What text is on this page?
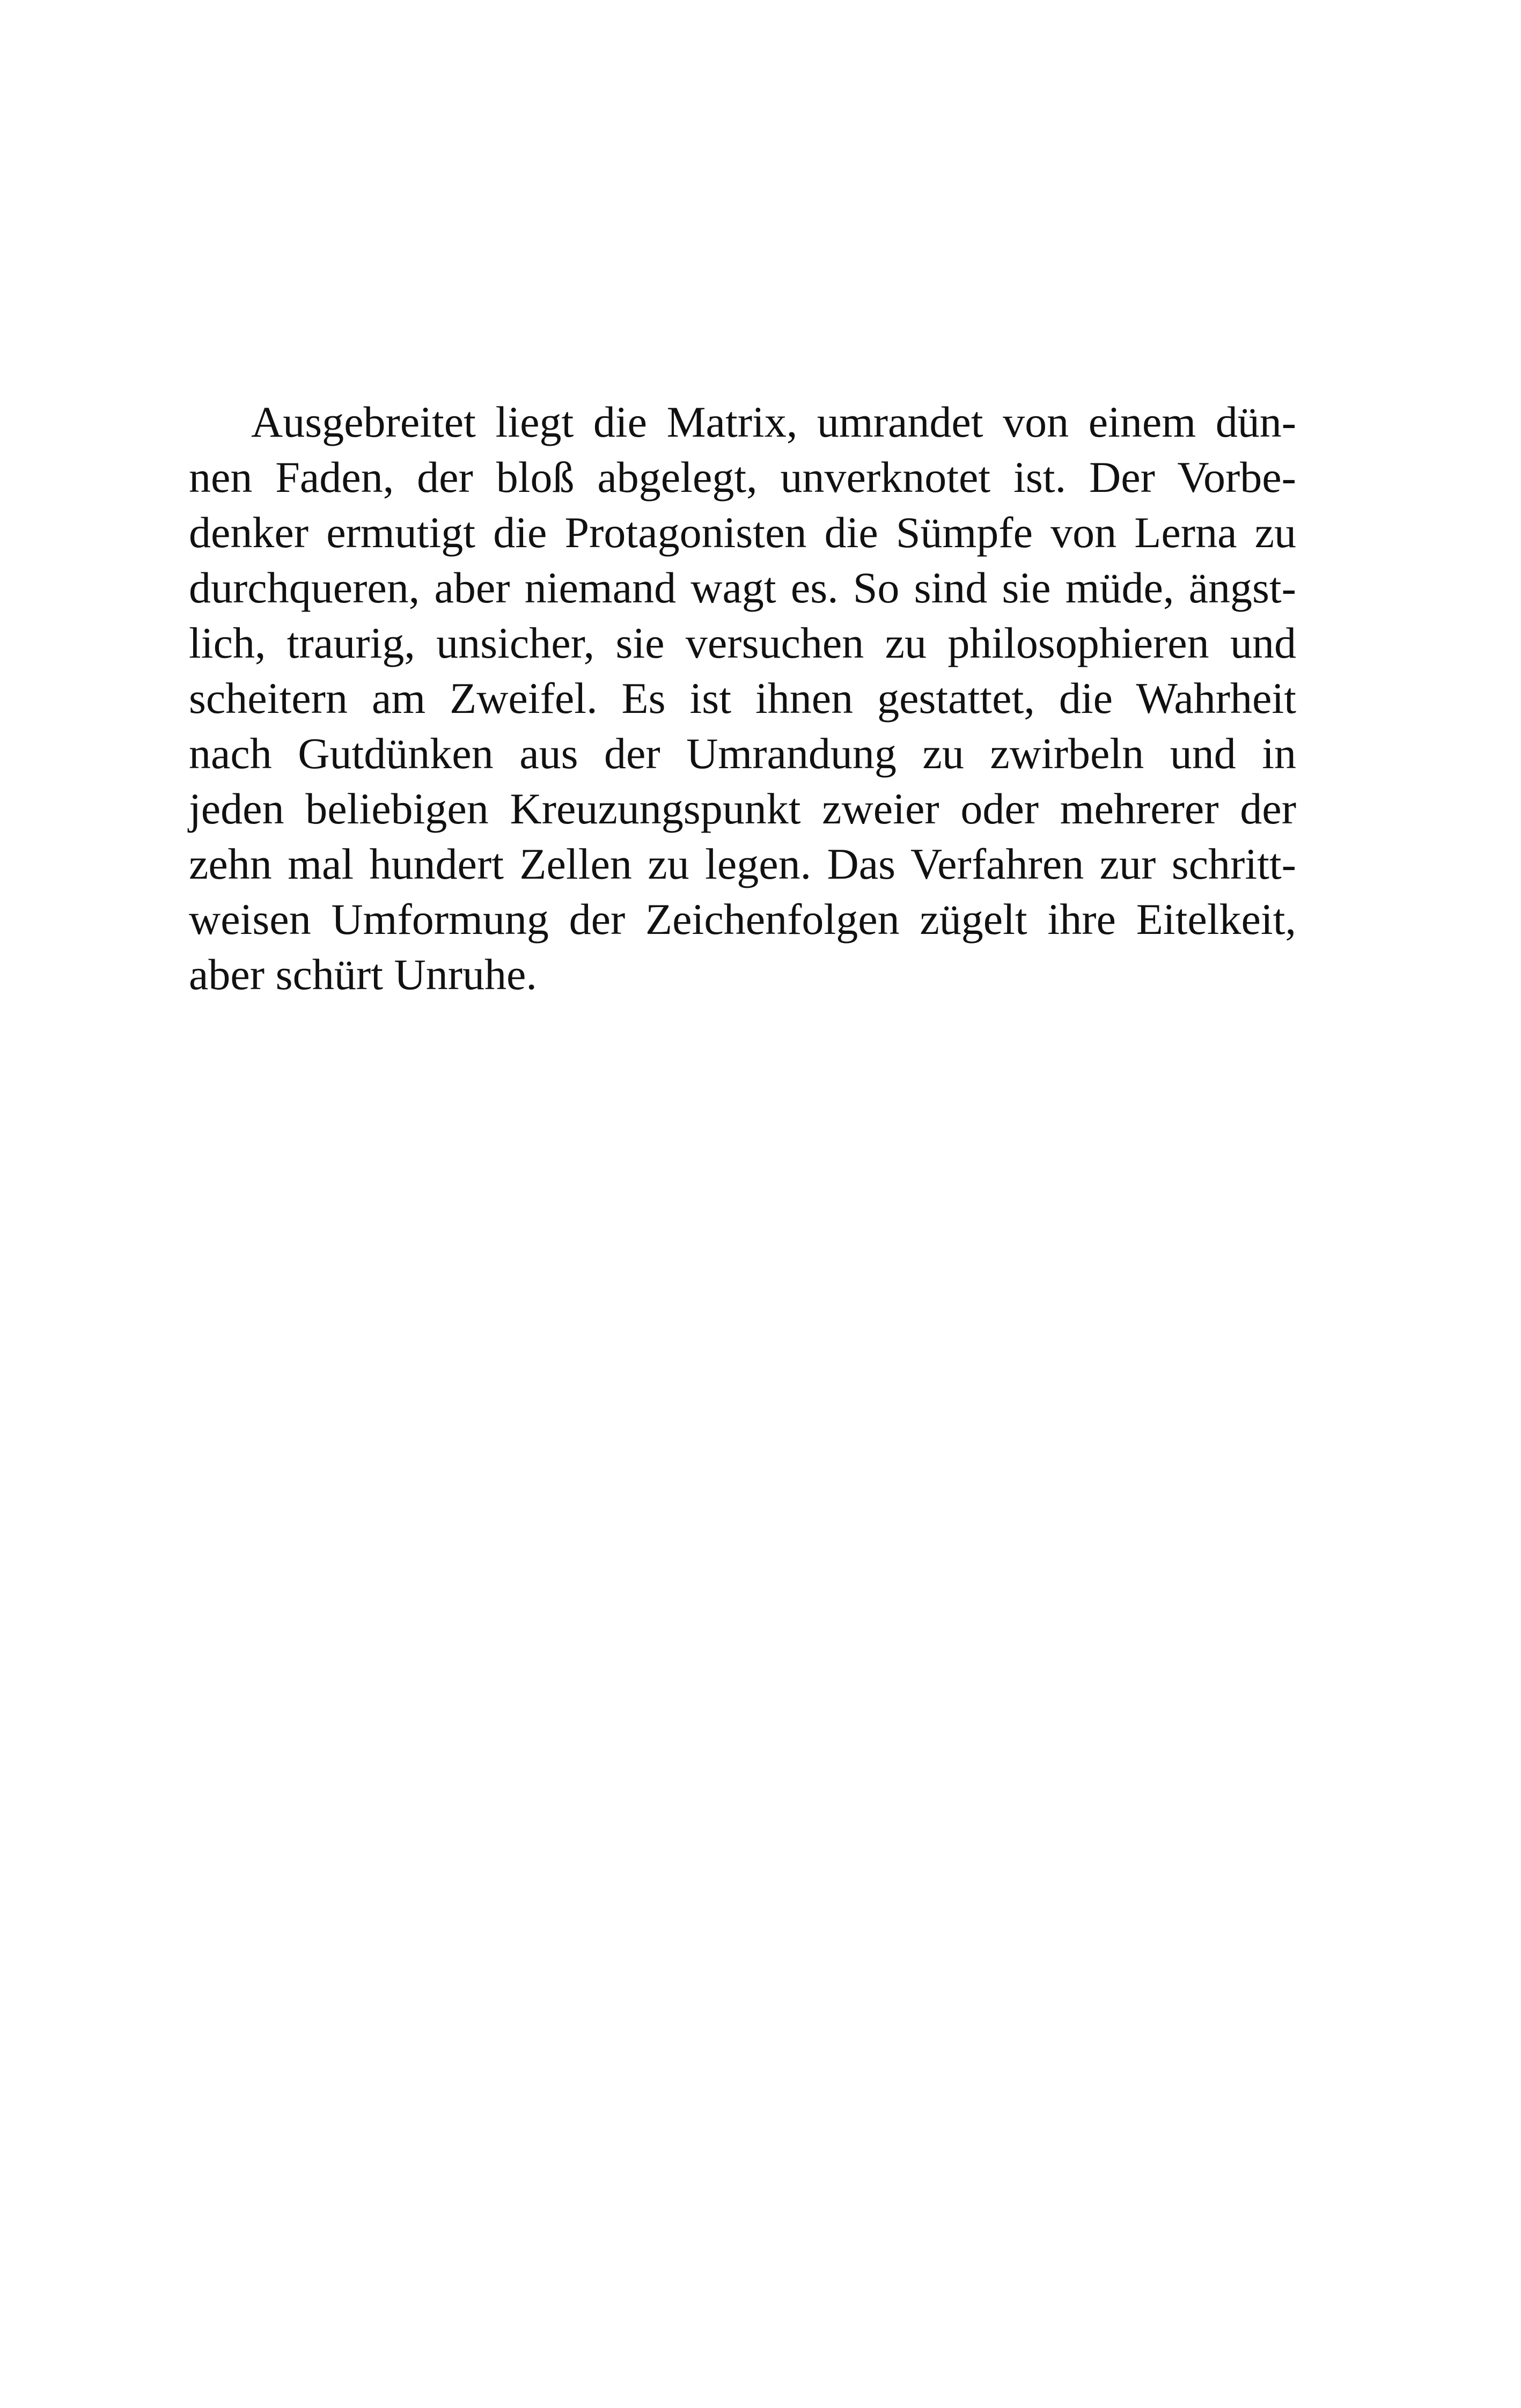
Ausgebreitet liegt die Matrix, umrandet von einem dün-
nen Faden, der bloß abgelegt, unverknotet ist. Der Vorbe-
denker ermutigt die Protagonisten die Sümpfe von Lerna zu
durchqueren, aber niemand wagt es. So sind sie müde, ängst-
lich, traurig, unsicher, sie versuchen zu philosophieren und
scheitern am Zweifel. Es ist ihnen gestattet, die Wahrheit
nach Gutdünken aus der Umrandung zu zwirbeln und in
jeden beliebigen Kreuzungspunkt zweier oder mehrerer der
zehn mal hundert Zellen zu legen. Das Verfahren zur schritt-
weisen Umformung der Zeichenfolgen zügelt ihre Eitelkeit,
aber schürt Unruhe.
